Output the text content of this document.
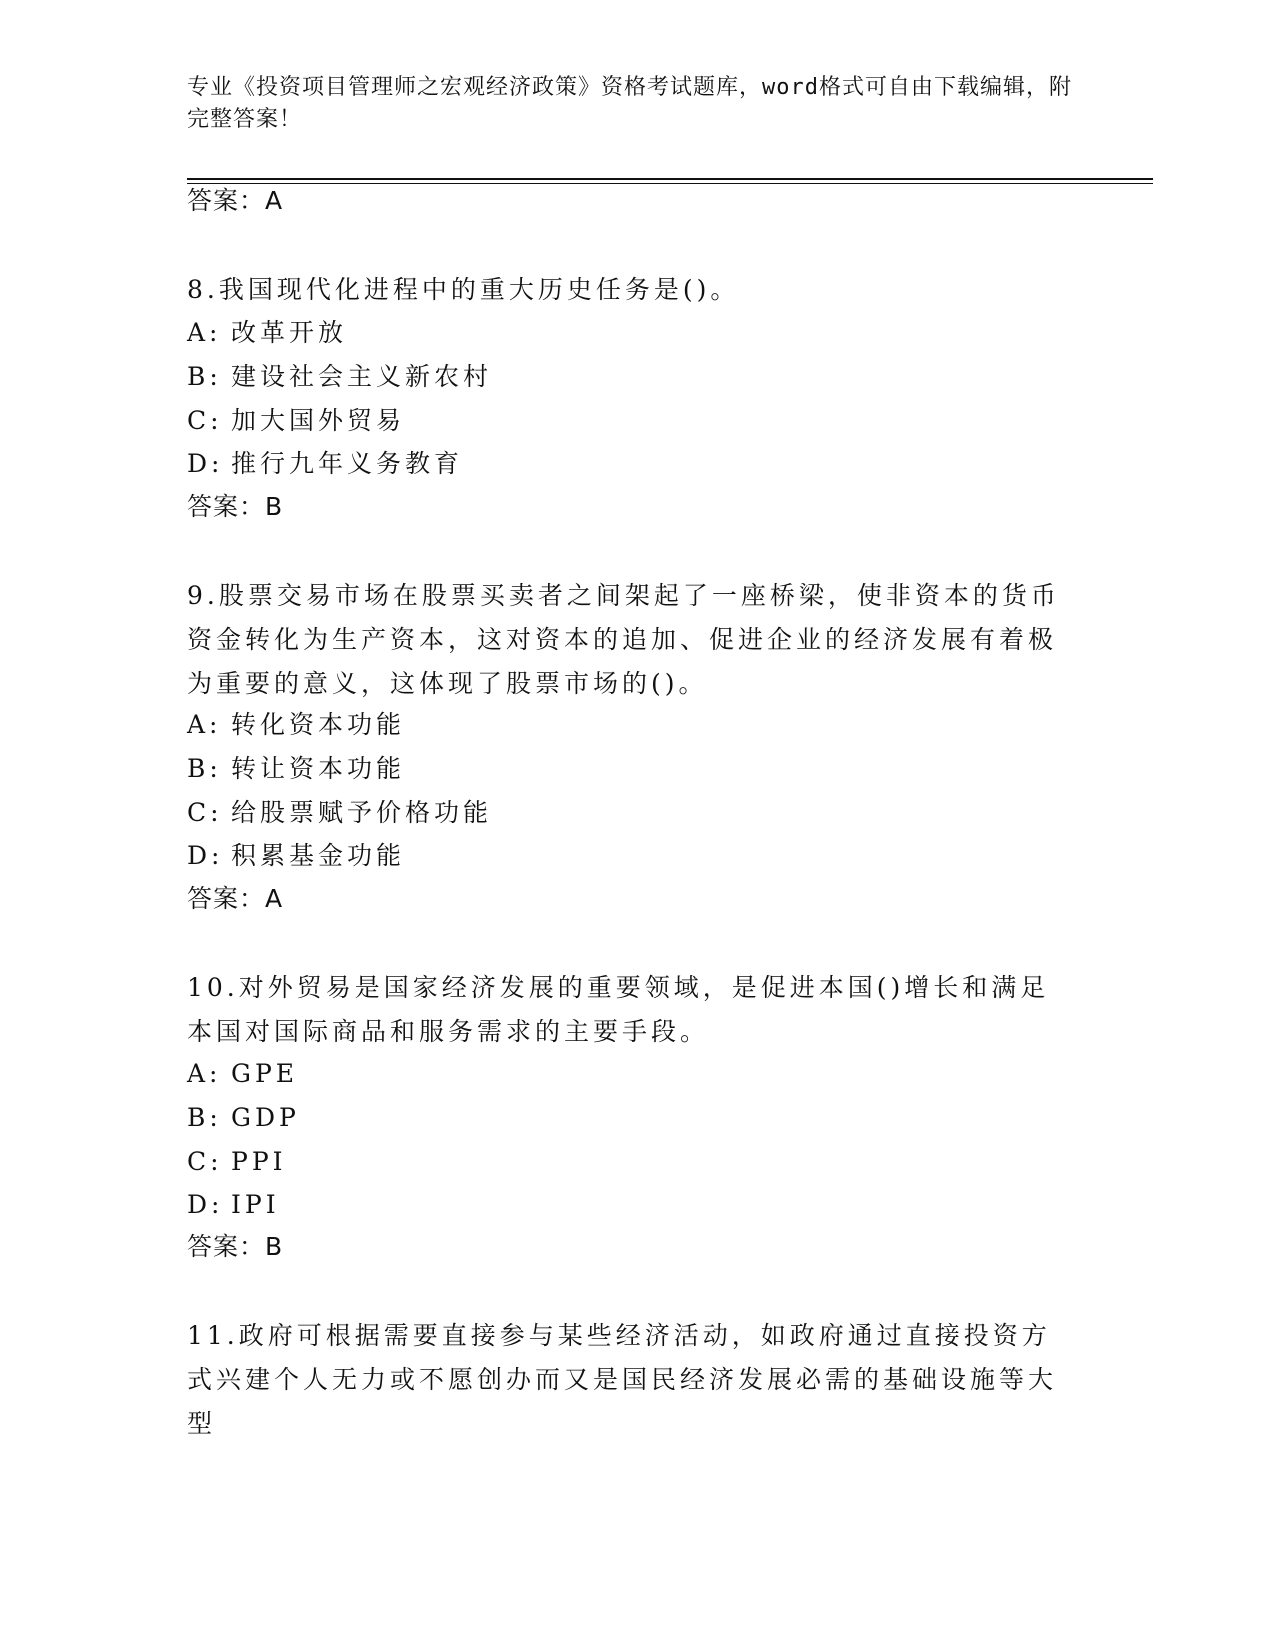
专业《投资项目管理师之宏观经济政策》资格考试题库，word格式可自由下载编辑，附完整答案！
答案：A
8.我国现代化进程中的重大历史任务是()。
A: 改革开放
B: 建设社会主义新农村
C: 加大国外贸易
D: 推行九年义务教育
答案：B
9.股票交易市场在股票买卖者之间架起了一座桥梁，使非资本的货币资金转化为生产资本，这对资本的追加、促进企业的经济发展有着极为重要的意义，这体现了股票市场的()。
A: 转化资本功能
B: 转让资本功能
C: 给股票赋予价格功能
D: 积累基金功能
答案：A
10.对外贸易是国家经济发展的重要领域，是促进本国()增长和满足本国对国际商品和服务需求的主要手段。
A: GPE
B: GDP
C: PPI
D: IPI
答案：B
11.政府可根据需要直接参与某些经济活动，如政府通过直接投资方式兴建个人无力或不愿创办而又是国民经济发展必需的基础设施等大型
